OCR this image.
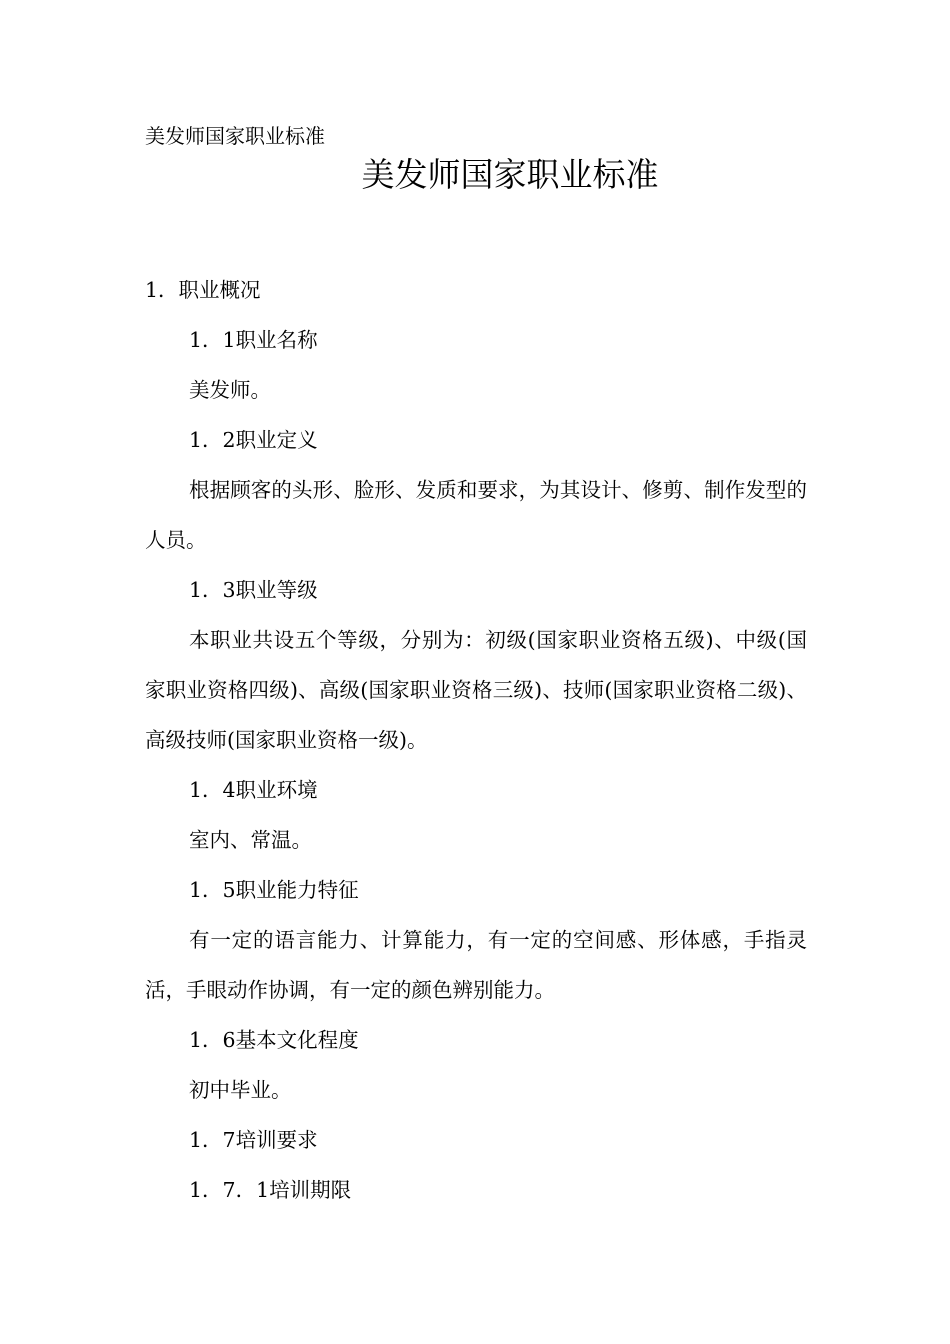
美发师国家职业标准
美发师国家职业标准

1．职业概况

1．1职业名称

美发师。

1．2职业定义

根据顾客的头形、脸形、发质和要求，为其设计、修剪、制作发型的人员。

1．3职业等级

本职业共设五个等级，分别为：初级(国家职业资格五级)、中级(国家职业资格四级)、高级(国家职业资格三级)、技师(国家职业资格二级)、高级技师(国家职业资格一级)。

1．4职业环境

室内、常温。

1．5职业能力特征

有一定的语言能力、计算能力，有一定的空间感、形体感，手指灵活，手眼动作协调，有一定的颜色辨别能力。

1．6基本文化程度

初中毕业。

1．7培训要求

1．7．1培训期限
